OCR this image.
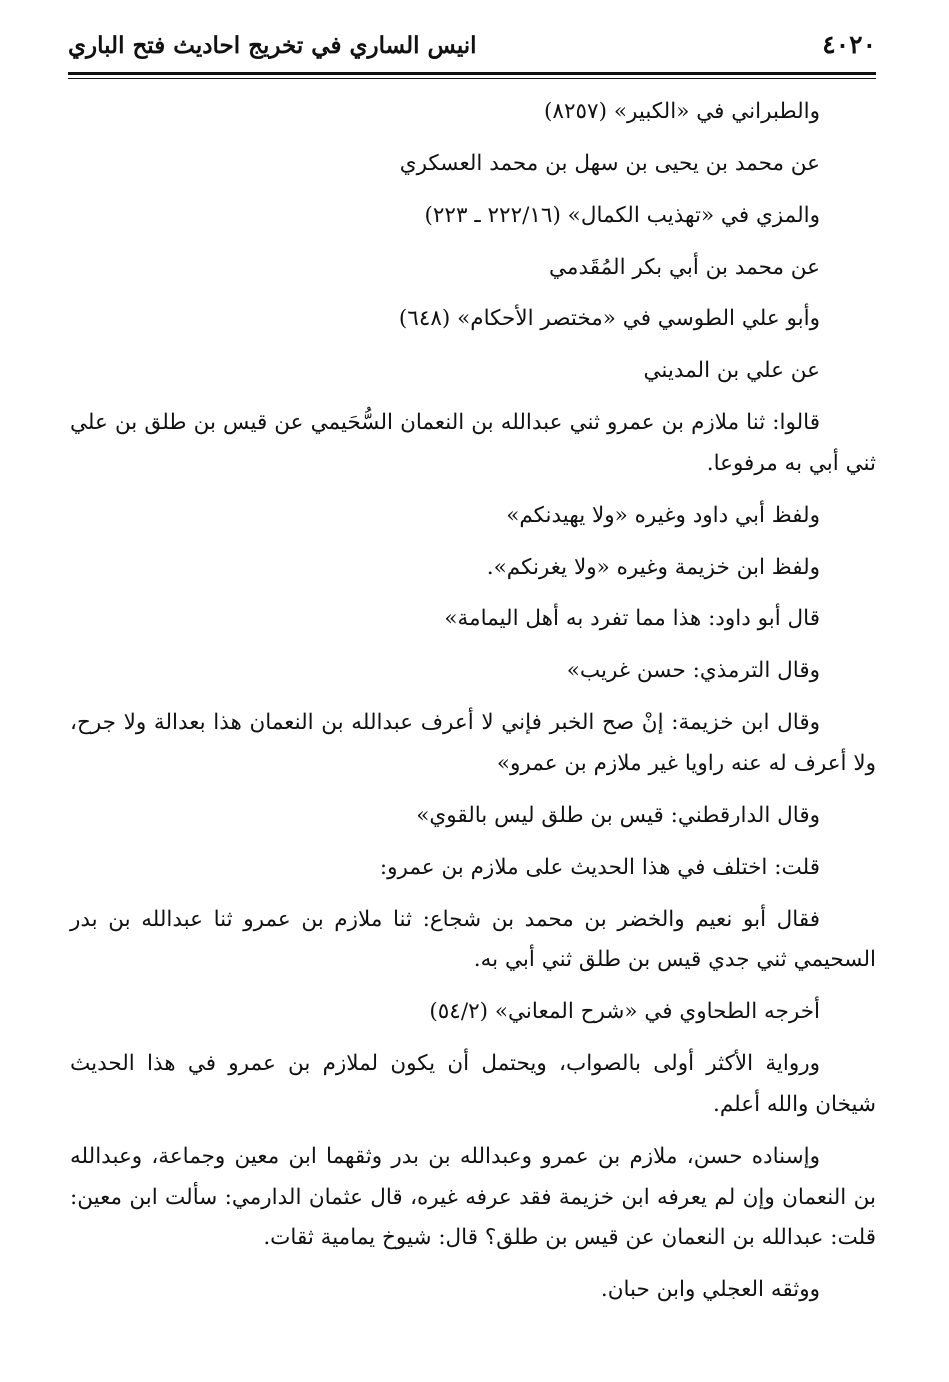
٤٠٢٠
انيس الساري في تخريج احاديث فتح الباري

والطبراني في «الكبير» (٨٢٥٧)

عن محمد بن يحيى بن سهل بن محمد العسكري

والمزي في «تهذيب الكمال» (٢٢٢/١٦ ـ ٢٢٣)

عن محمد بن أبي بكر المُقَدمي

وأبو علي الطوسي في «مختصر الأحكام» (٦٤٨)

عن علي بن المديني

قالوا: ثنا ملازم بن عمرو ثني عبدالله بن النعمان السُّحَيمي عن قيس بن طلق بن علي ثني أبي به مرفوعا.

ولفظ أبي داود وغيره «ولا يهيدنكم»

ولفظ ابن خزيمة وغيره «ولا يغرنكم».

قال أبو داود: هذا مما تفرد به أهل اليمامة»

وقال الترمذي: حسن غريب»

وقال ابن خزيمة: إنْ صح الخبر فإني لا أعرف عبدالله بن النعمان هذا بعدالة ولا جرح، ولا أعرف له عنه راويا غير ملازم بن عمرو»

وقال الدارقطني: قيس بن طلق ليس بالقوي»

قلت: اختلف في هذا الحديث على ملازم بن عمرو:

فقال أبو نعيم والخضر بن محمد بن شجاع: ثنا ملازم بن عمرو ثنا عبدالله بن بدر السحيمي ثني جدي قيس بن طلق ثني أبي به.

أخرجه الطحاوي في «شرح المعاني» (٥٤/٢)

ورواية الأكثر أولى بالصواب، ويحتمل أن يكون لملازم بن عمرو في هذا الحديث شيخان والله أعلم.

وإسناده حسن، ملازم بن عمرو وعبدالله بن بدر وثقهما ابن معين وجماعة، وعبدالله بن النعمان وإن لم يعرفه ابن خزيمة فقد عرفه غيره، قال عثمان الدارمي: سألت ابن معين: قلت: عبدالله بن النعمان عن قيس بن طلق؟ قال: شيوخ يمامية ثقات.

ووثقه العجلي وابن حبان.
